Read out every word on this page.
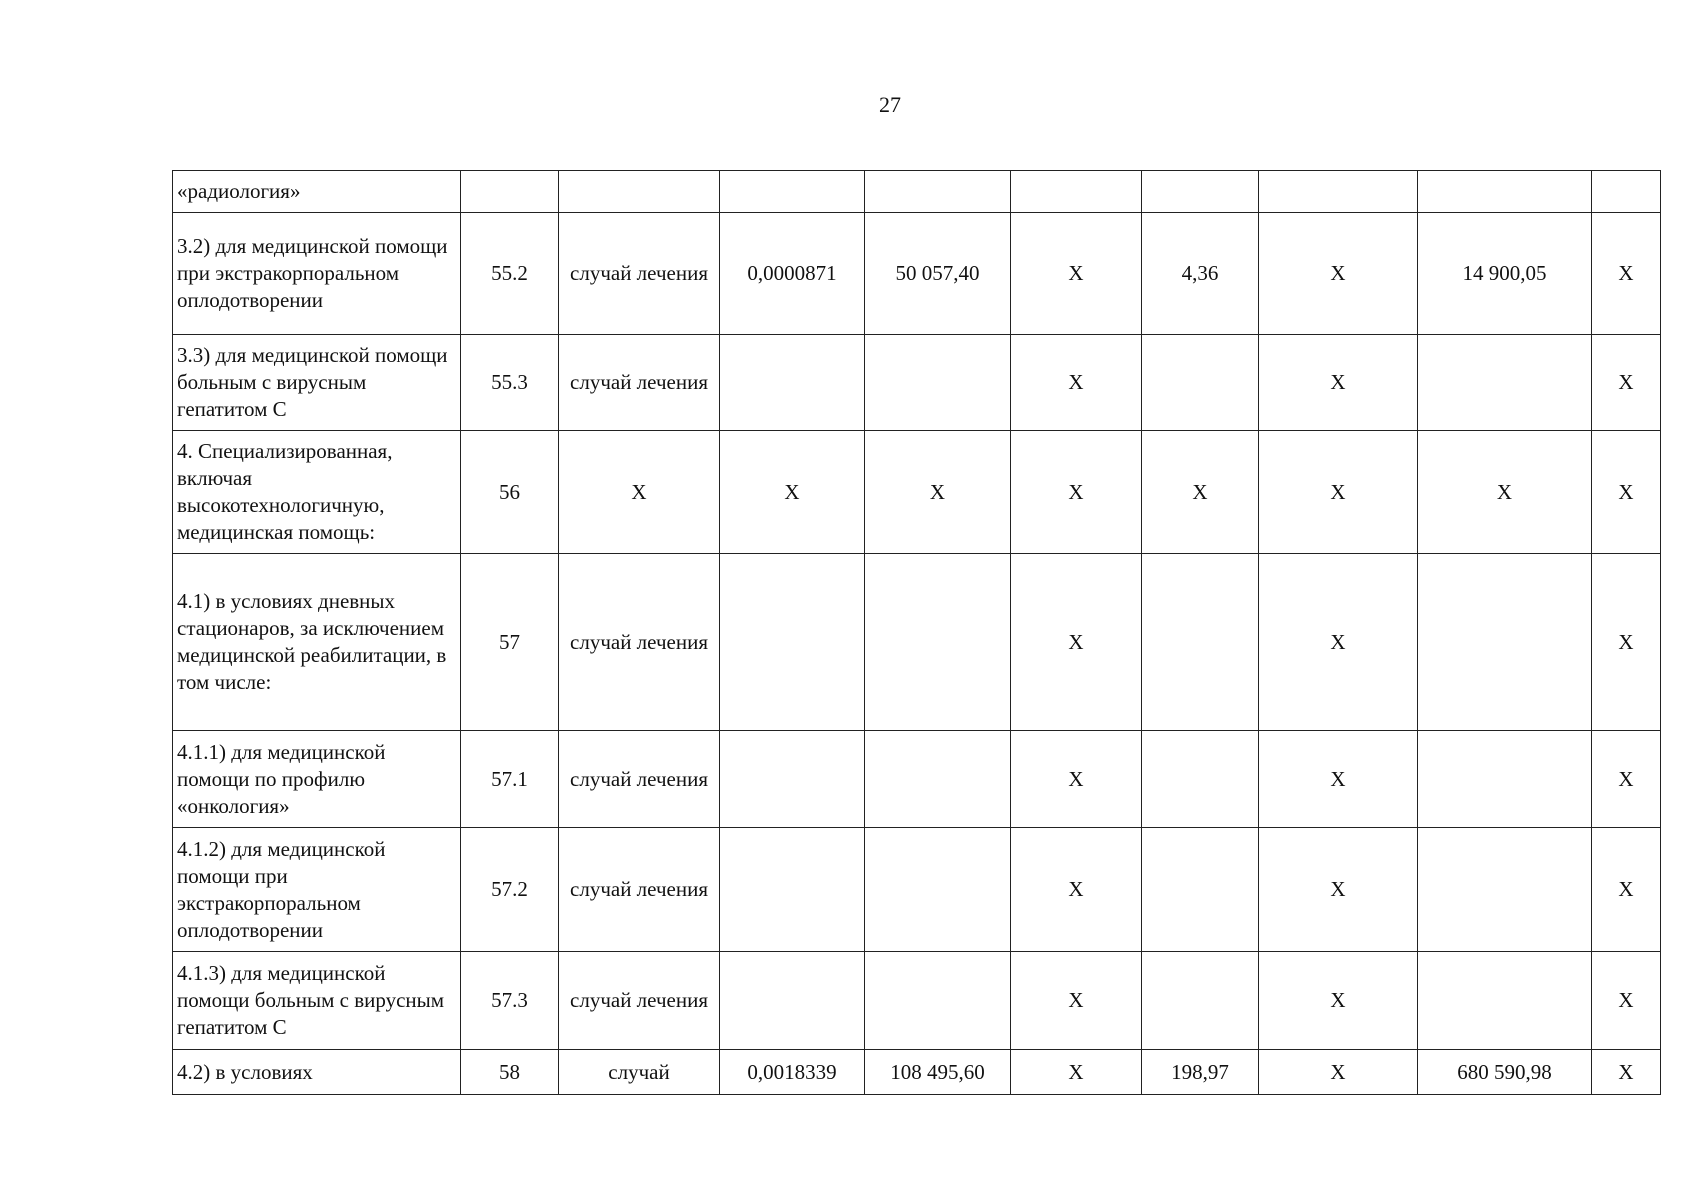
27
«радиология»									
3.2) для медицинской помощи при экстракорпоральном оплодотворении	55.2	случай лечения	0,0000871	50 057,40	X	4,36	X	14 900,05	X
3.3) для медицинской помощи больным с вирусным гепатитом С	55.3	случай лечения			X		X		X
4. Специализированная, включая высокотехнологичную, медицинская помощь:	56	X	X	X	X	X	X	X	X
4.1) в условиях дневных стационаров, за исключением медицинской реабилитации, в том числе:	57	случай лечения			X		X		X
4.1.1) для медицинской помощи по профилю «онкология»	57.1	случай лечения			X		X		X
4.1.2) для медицинской помощи при экстракорпоральном оплодотворении	57.2	случай лечения			X		X		X
4.1.3) для медицинской помощи больным с вирусным гепатитом С	57.3	случай лечения			X		X		X
4.2) в условиях	58	случай	0,0018339	108 495,60	X	198,97	X	680 590,98	X
